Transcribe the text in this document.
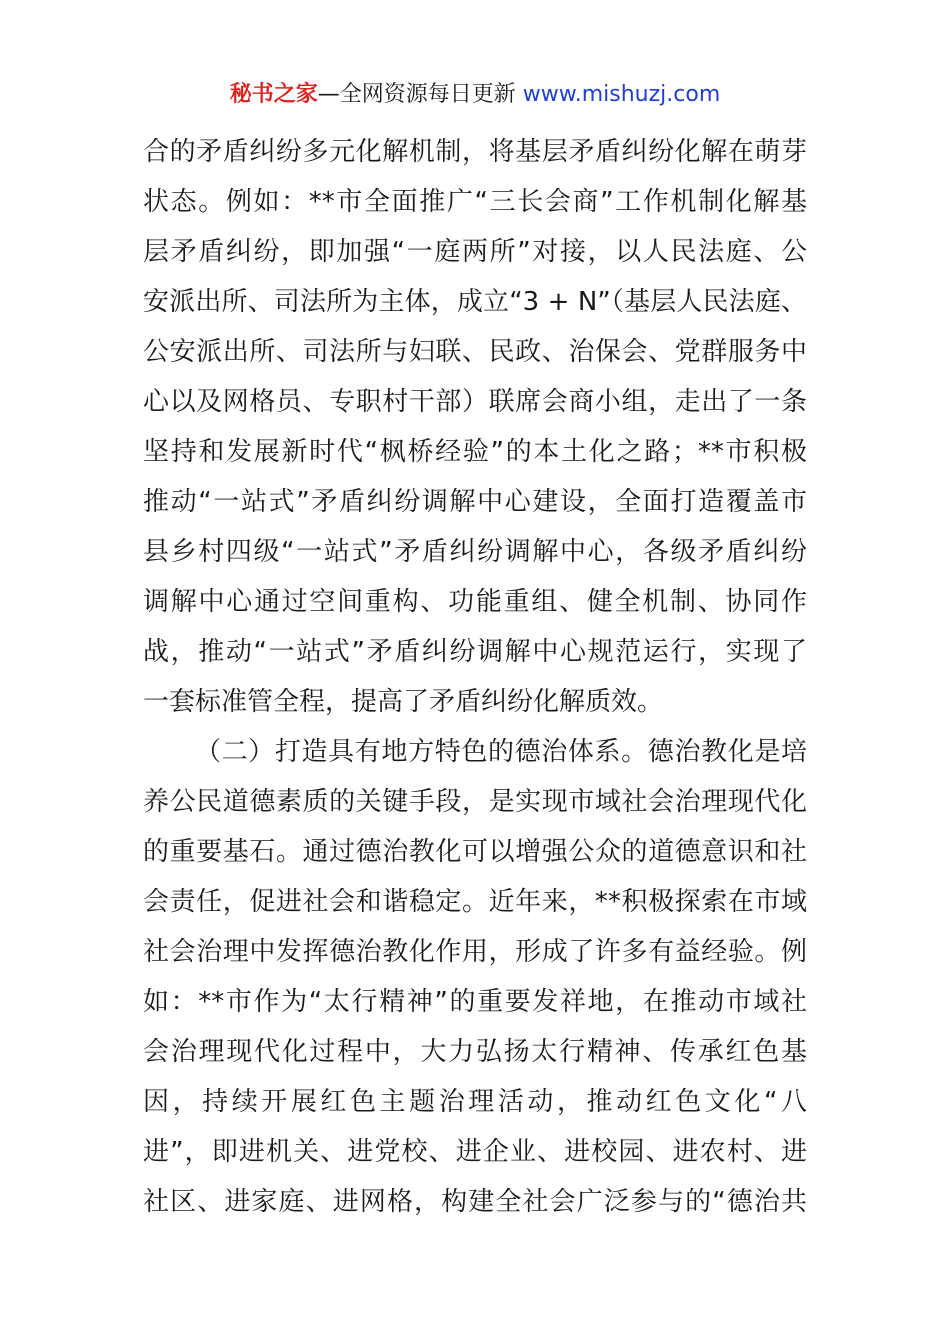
秘书之家—全网资源每日更新 www.mishuzj.com
合的矛盾纠纷多元化解机制，将基层矛盾纠纷化解在萌芽
状态。例如：**市全面推广“三长会商”工作机制化解基
层矛盾纠纷，即加强“一庭两所”对接，以人民法庭、公
安派出所、司法所为主体，成立“3 + N”（基层人民法庭、
公安派出所、司法所与妇联、民政、治保会、党群服务中
心以及网格员、专职村干部）联席会商小组，走出了一条
坚持和发展新时代“枫桥经验”的本土化之路；**市积极
推动“一站式”矛盾纠纷调解中心建设，全面打造覆盖市
县乡村四级“一站式”矛盾纠纷调解中心，各级矛盾纠纷
调解中心通过空间重构、功能重组、健全机制、协同作
战，推动“一站式”矛盾纠纷调解中心规范运行，实现了
一套标准管全程，提高了矛盾纠纷化解质效。
（二）打造具有地方特色的德治体系。德治教化是培
养公民道德素质的关键手段，是实现市域社会治理现代化
的重要基石。通过德治教化可以增强公众的道德意识和社
会责任，促进社会和谐稳定。近年来，**积极探索在市域
社会治理中发挥德治教化作用，形成了许多有益经验。例
如：**市作为“太行精神”的重要发祥地，在推动市域社
会治理现代化过程中，大力弘扬太行精神、传承红色基
因，持续开展红色主题治理活动，推动红色文化“八
进”，即进机关、进党校、进企业、进校园、进农村、进
社区、进家庭、进网格，构建全社会广泛参与的“德治共
